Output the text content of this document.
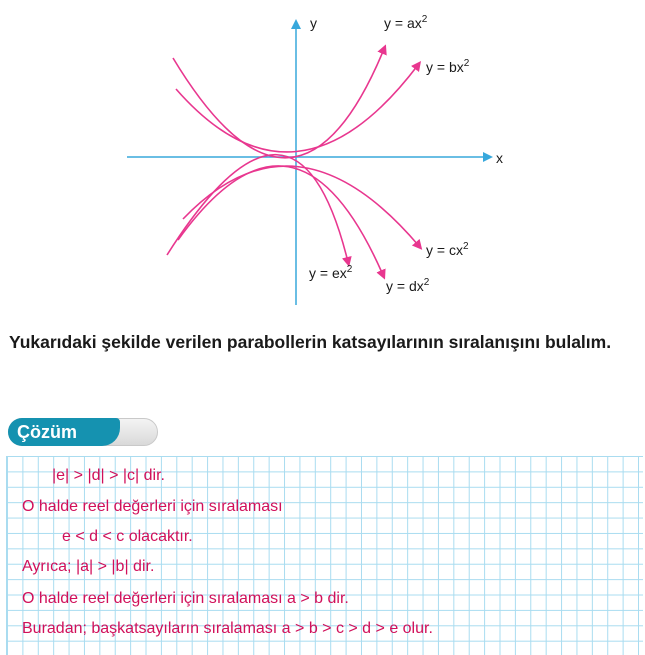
y
x
$y = ax^2$
$y = bx^2$
$y = cx^2$
$y = ex^2$
$y = dx^2$
Yukarıdaki şekilde verilen parabollerin katsayılarının sıralanışını bulalım.
Çözüm
|e| > |d| > |c| dir.
O halde reel değerleri için sıralaması
e < d < c olacaktır.
Ayrıca; |a| > |b| dir.
O halde reel değerleri için sıralaması a > b dir.
Buradan; başkatsayıların sıralaması a > b > c > d > e olur.
